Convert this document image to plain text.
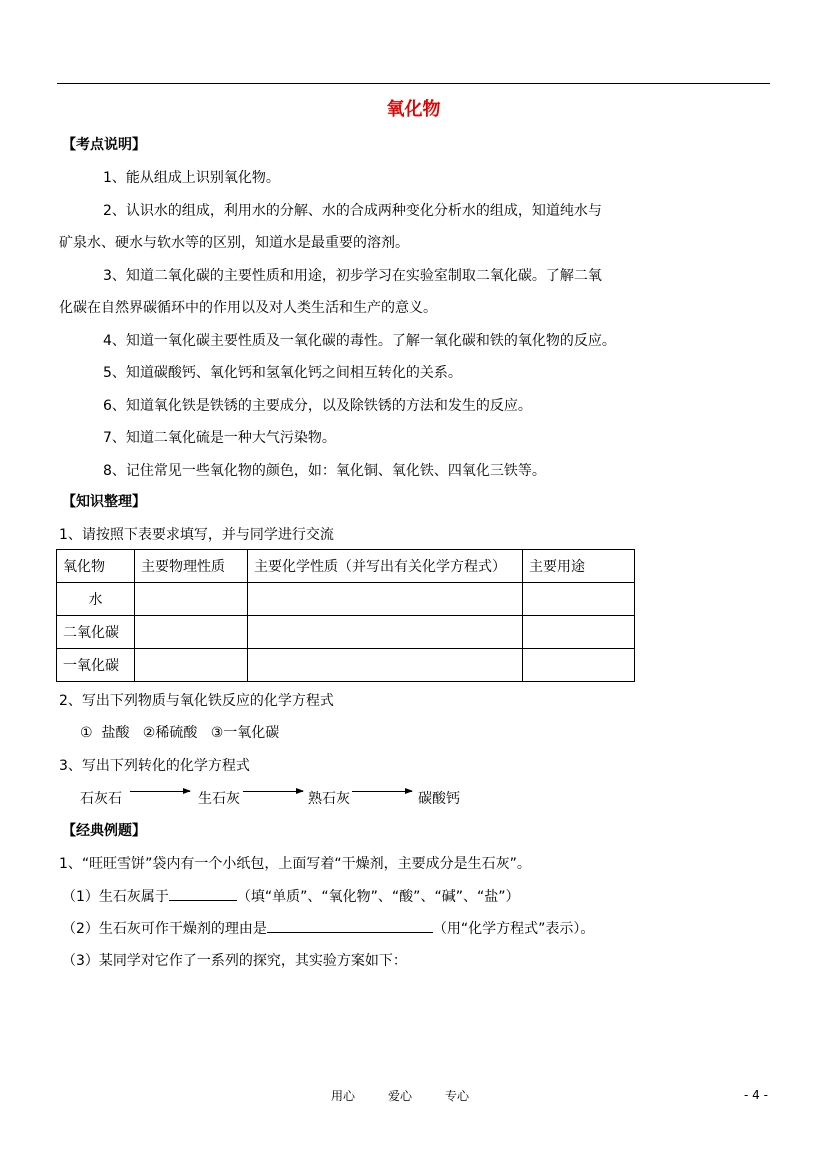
氧化物
【考点说明】
1、能从组成上识别氧化物。
2、认识水的组成，利用水的分解、水的合成两种变化分析水的组成，知道纯水与
矿泉水、硬水与软水等的区别，知道水是最重要的溶剂。
3、知道二氧化碳的主要性质和用途，初步学习在实验室制取二氧化碳。了解二氧
化碳在自然界碳循环中的作用以及对人类生活和生产的意义。
4、知道一氧化碳主要性质及一氧化碳的毒性。了解一氧化碳和铁的氧化物的反应。
5、知道碳酸钙、氧化钙和氢氧化钙之间相互转化的关系。
6、知道氧化铁是铁锈的主要成分，以及除铁锈的方法和发生的反应。
7、知道二氧化硫是一种大气污染物。
8、记住常见一些氧化物的颜色，如：氧化铜、氧化铁、四氧化三铁等。
【知识整理】
1、请按照下表要求填写，并与同学进行交流
氧化物	主要物理性质	主要化学性质（并写出有关化学方程式）	主要用途
水			
二氧化碳			
一氧化碳			
2、写出下列物质与氧化铁反应的化学方程式
①  盐酸   ②稀硫酸   ③一氧化碳
3、写出下列转化的化学方程式
石灰石	生石灰	熟石灰	碳酸钙
【经典例题】
1、“旺旺雪饼”袋内有一个小纸包，上面写着“干燥剂，主要成分是生石灰”。
（1）生石灰属于	（填“单质”、“氧化物”、“酸”、“碱”、“盐”）
（2）生石灰可作干燥剂的理由是	（用“化学方程式”表示）。
（3）某同学对它作了一系列的探究，其实验方案如下：
用心	爱心	专心	- 4 -
